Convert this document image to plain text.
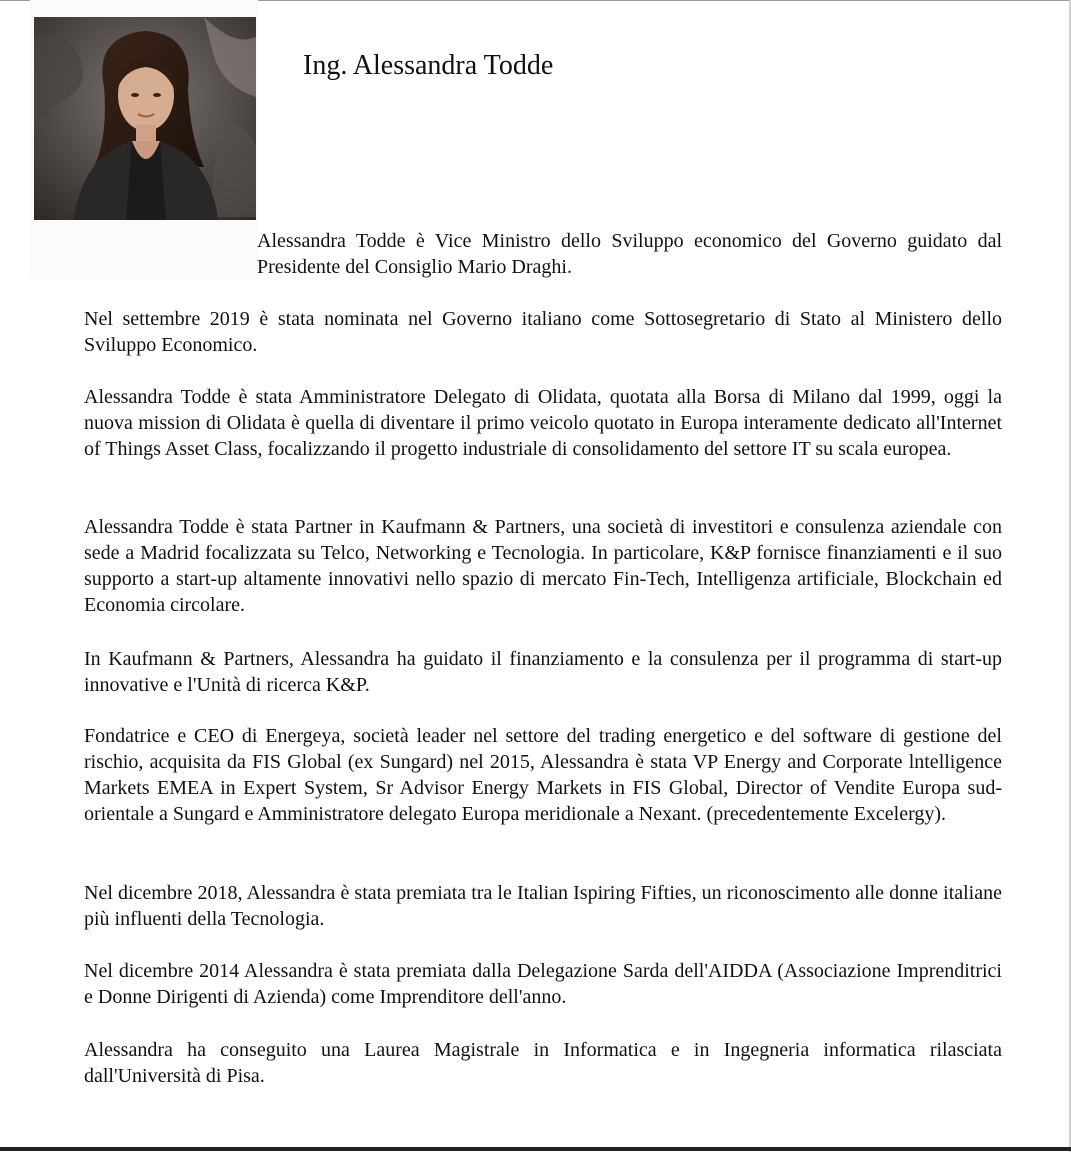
Ing. Alessandra Todde

Alessandra Todde è Vice Ministro dello Sviluppo economico del Governo guidato dal Presidente del Consiglio Mario Draghi.

Nel settembre 2019 è stata nominata nel Governo italiano come Sottosegretario di Stato al Ministero dello Sviluppo Economico.

Alessandra Todde è stata Amministratore Delegato di Olidata, quotata alla Borsa di Milano dal 1999, oggi la nuova mission di Olidata è quella di diventare il primo veicolo quotato in Europa interamente dedicato all'Internet of Things Asset Class, focalizzando il progetto industriale di consolidamento del settore IT su scala europea.

Alessandra Todde è stata Partner in Kaufmann & Partners, una società di investitori e consulenza aziendale con sede a Madrid focalizzata su Telco, Networking e Tecnologia. In particolare, K&P fornisce finanziamenti e il suo supporto a start-up altamente innovativi nello spazio di mercato Fin-Tech, Intelligenza artificiale, Blockchain ed Economia circolare.

In Kaufmann & Partners, Alessandra ha guidato il finanziamento e la consulenza per il programma di start-up innovative e l'Unità di ricerca K&P.

Fondatrice e CEO di Energeya, società leader nel settore del trading energetico e del software di gestione del rischio, acquisita da FIS Global (ex Sungard) nel 2015, Alessandra è stata VP Energy and Corporate lntelligence Markets EMEA in Expert System, Sr Advisor Energy Markets in FIS Global, Director of Vendite Europa sud-orientale a Sungard e Amministratore delegato Europa meridionale a Nexant. (precedentemente Excelergy).

Nel dicembre 2018, Alessandra è stata premiata tra le Italian Ispiring Fifties, un riconoscimento alle donne italiane più influenti della Tecnologia.

Nel dicembre 2014 Alessandra è stata premiata dalla Delegazione Sarda dell'AIDDA (Associazione Imprenditrici e Donne Dirigenti di Azienda) come Imprenditore dell'anno.

Alessandra ha conseguito una Laurea Magistrale in Informatica e in Ingegneria informatica rilasciata dall'Università di Pisa.
